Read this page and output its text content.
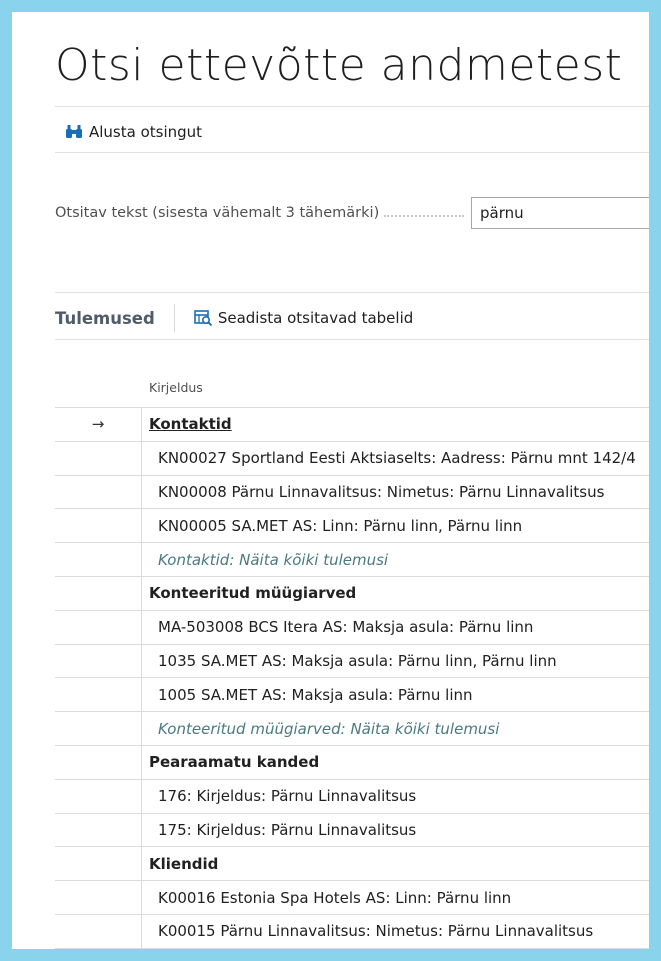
Otsi ettevõtte andmetest
Alusta otsingut
Otsitav tekst (sisesta vähemalt 3 tähemärki)
pärnu
Tulemused	Seadista otsitavad tabelid
Kirjeldus
→	Kontaktid
	KN00027 Sportland Eesti Aktsiaselts: Aadress: Pärnu mnt 142/4
	KN00008 Pärnu Linnavalitsus: Nimetus: Pärnu Linnavalitsus
	KN00005 SA.MET AS: Linn: Pärnu linn, Pärnu linn
	Kontaktid: Näita kõiki tulemusi
	Konteeritud müügiarved
	MA-503008 BCS Itera AS: Maksja asula: Pärnu linn
	1035 SA.MET AS: Maksja asula: Pärnu linn, Pärnu linn
	1005 SA.MET AS: Maksja asula: Pärnu linn
	Konteeritud müügiarved: Näita kõiki tulemusi
	Pearaamatu kanded
	176: Kirjeldus: Pärnu Linnavalitsus
	175: Kirjeldus: Pärnu Linnavalitsus
	Kliendid
	K00016 Estonia Spa Hotels AS: Linn: Pärnu linn
	K00015 Pärnu Linnavalitsus: Nimetus: Pärnu Linnavalitsus
